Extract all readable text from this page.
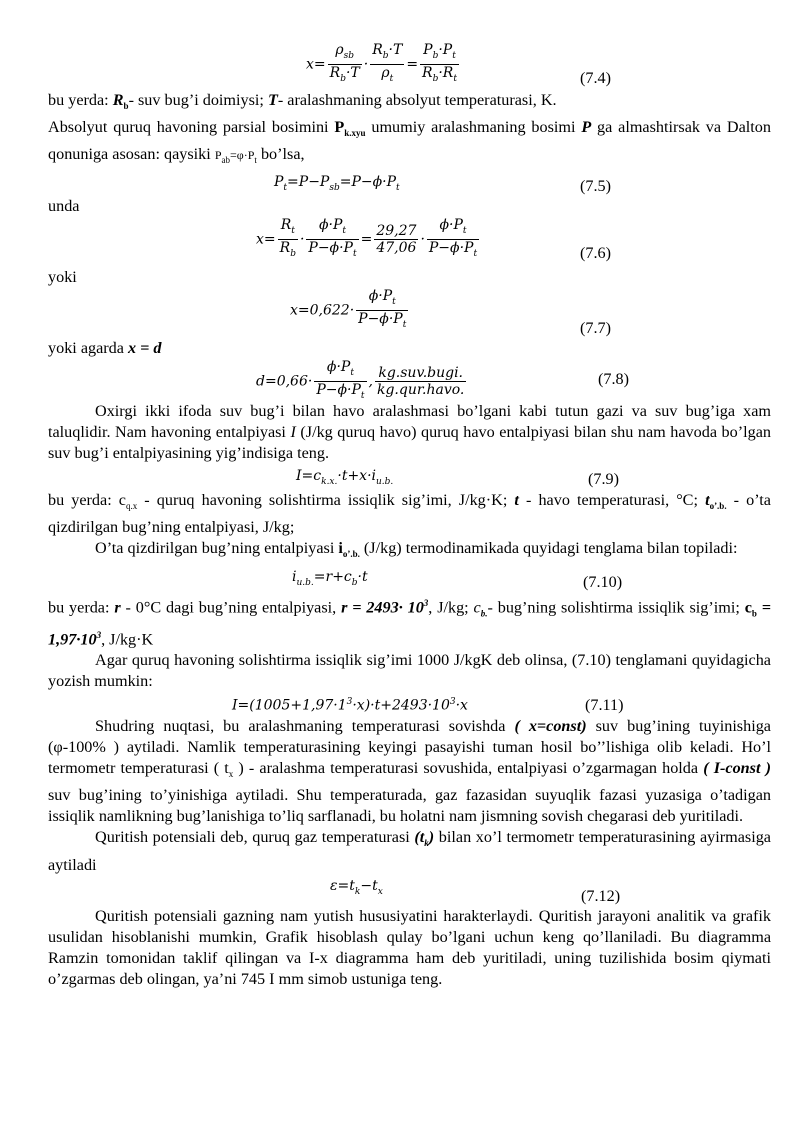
$x= \frac{\rho_{sb}}{R_b\cdot T} \cdot \frac{R_b\cdot T}{\rho_t} = \frac{P_b\cdot P_t}{R_b\cdot R_t}$	(7.4)

bu yerda: $R_b-$ suv bug’i doimiysi; T- aralashmaning absolyut temperaturasi, K.
Absolyut quruq havoning parsial bosimini $P_{k.xyu}$ umumiy aralashmaning bosimi P ga almashtirsak va Dalton qonuniga asosan: qaysiki $P_{ab}=\varphi\cdot P_t$ bo’lsa,

$P_t=P-P_{sb}=P-\phi\cdot P_t$	(7.5)

unda

$x= \frac{R_t}{R_b} \cdot \frac{\phi\cdot P_t}{P-\phi\cdot P_t} = \frac{29,27}{47,06} \cdot \frac{\phi\cdot P_t}{P-\phi\cdot P_t}$	(7.6)

yoki

$x=0,622\cdot \frac{\phi\cdot P_t}{P-\phi\cdot P_t}$	(7.7)

yoki agarda x = d

$d=0,66\cdot \frac{\phi\cdot P_t}{P-\phi\cdot P_t}$ , $\frac{\text{kg.suv.bugi.}}{\text{kg.qur.havo.}}$	(7.8)

Oxirgi ikki ifoda suv bug’i bilan havo aralashmasi bo’lgani kabi tutun gazi va suv bug’iga xam taluqlidir. Nam havoning entalpiyasi I (J/kg quruq havo) quruq havo entalpiyasi bilan shu nam havoda bo’lgan suv bug’i entalpiyasining yig’indisiga teng.

$I=c_{k.x.}\cdot t+x\cdot i_{u.b.}$	(7.9)

bu yerda: $c_{q.x}$ - quruq havoning solishtirma issiqlik sig’imi, J/kg·K; t - havo temperaturasi, °C; $t_{o’.b.}$ - o’ta qizdirilgan bug’ning entalpiyasi, J/kg;

O’ta qizdirilgan bug’ning entalpiyasi $i_{o’.b.}$ (J/kg) termodinamikada quyidagi tenglama bilan topiladi:

$i_{u.b.}=r+c_b\cdot t$	(7.10)

bu yerda: r - 0°C dagi bug’ning entalpiyasi, $r = 2493\cdot 10^3$, J/kg; $c_{b.}-$ bug’ning solishtirma issiqlik sig’imi; $c_b = 1,97\cdot 10^3$, J/kg·K

Agar quruq havoning solishtirma issiqlik sig’imi 1000 J/kgK deb olinsa, (7.10) tenglamani quyidagicha yozish mumkin:

$I=(1005+1,97\cdot 1^3\cdot x)\cdot t+2493\cdot 10^3\cdot x$	(7.11)

Shudring nuqtasi, bu aralashmaning temperaturasi sovishda ( x=const) suv bug’ining tuyinishiga (φ-100% ) aytiladi. Namlik temperaturasining keyingi pasayishi tuman hosil bo’’lishiga olib keladi. Ho’l termometr temperaturasi ( $t_x$ ) - aralashma temperaturasi sovushida, entalpiyasi o’zgarmagan holda ( I-const ) suv bug’ining to’yinishiga aytiladi. Shu temperaturada, gaz fazasidan suyuqlik fazasi yuzasiga o’tadigan issiqlik namlikning bug’lanishiga to’liq sarflanadi, bu holatni nam jismning sovish chegarasi deb yuritiladi.

Quritish potensiali deb, quruq gaz temperaturasi $(t_k)$ bilan xo’l termometr temperaturasining ayirmasiga aytiladi

$\varepsilon=t_k-t_x$	(7.12)

Quritish potensiali gazning nam yutish hususiyatini harakterlaydi. Quritish jarayoni analitik va grafik usulidan hisoblanishi mumkin, Grafik hisoblash qulay bo’lgani uchun keng qo’llaniladi. Bu diagramma Ramzin tomonidan taklif qilingan va I-x diagramma ham deb yuritiladi, uning tuzilishida bosim qiymati o’zgarmas deb olingan, ya’ni 745 I mm simob ustuniga teng.
